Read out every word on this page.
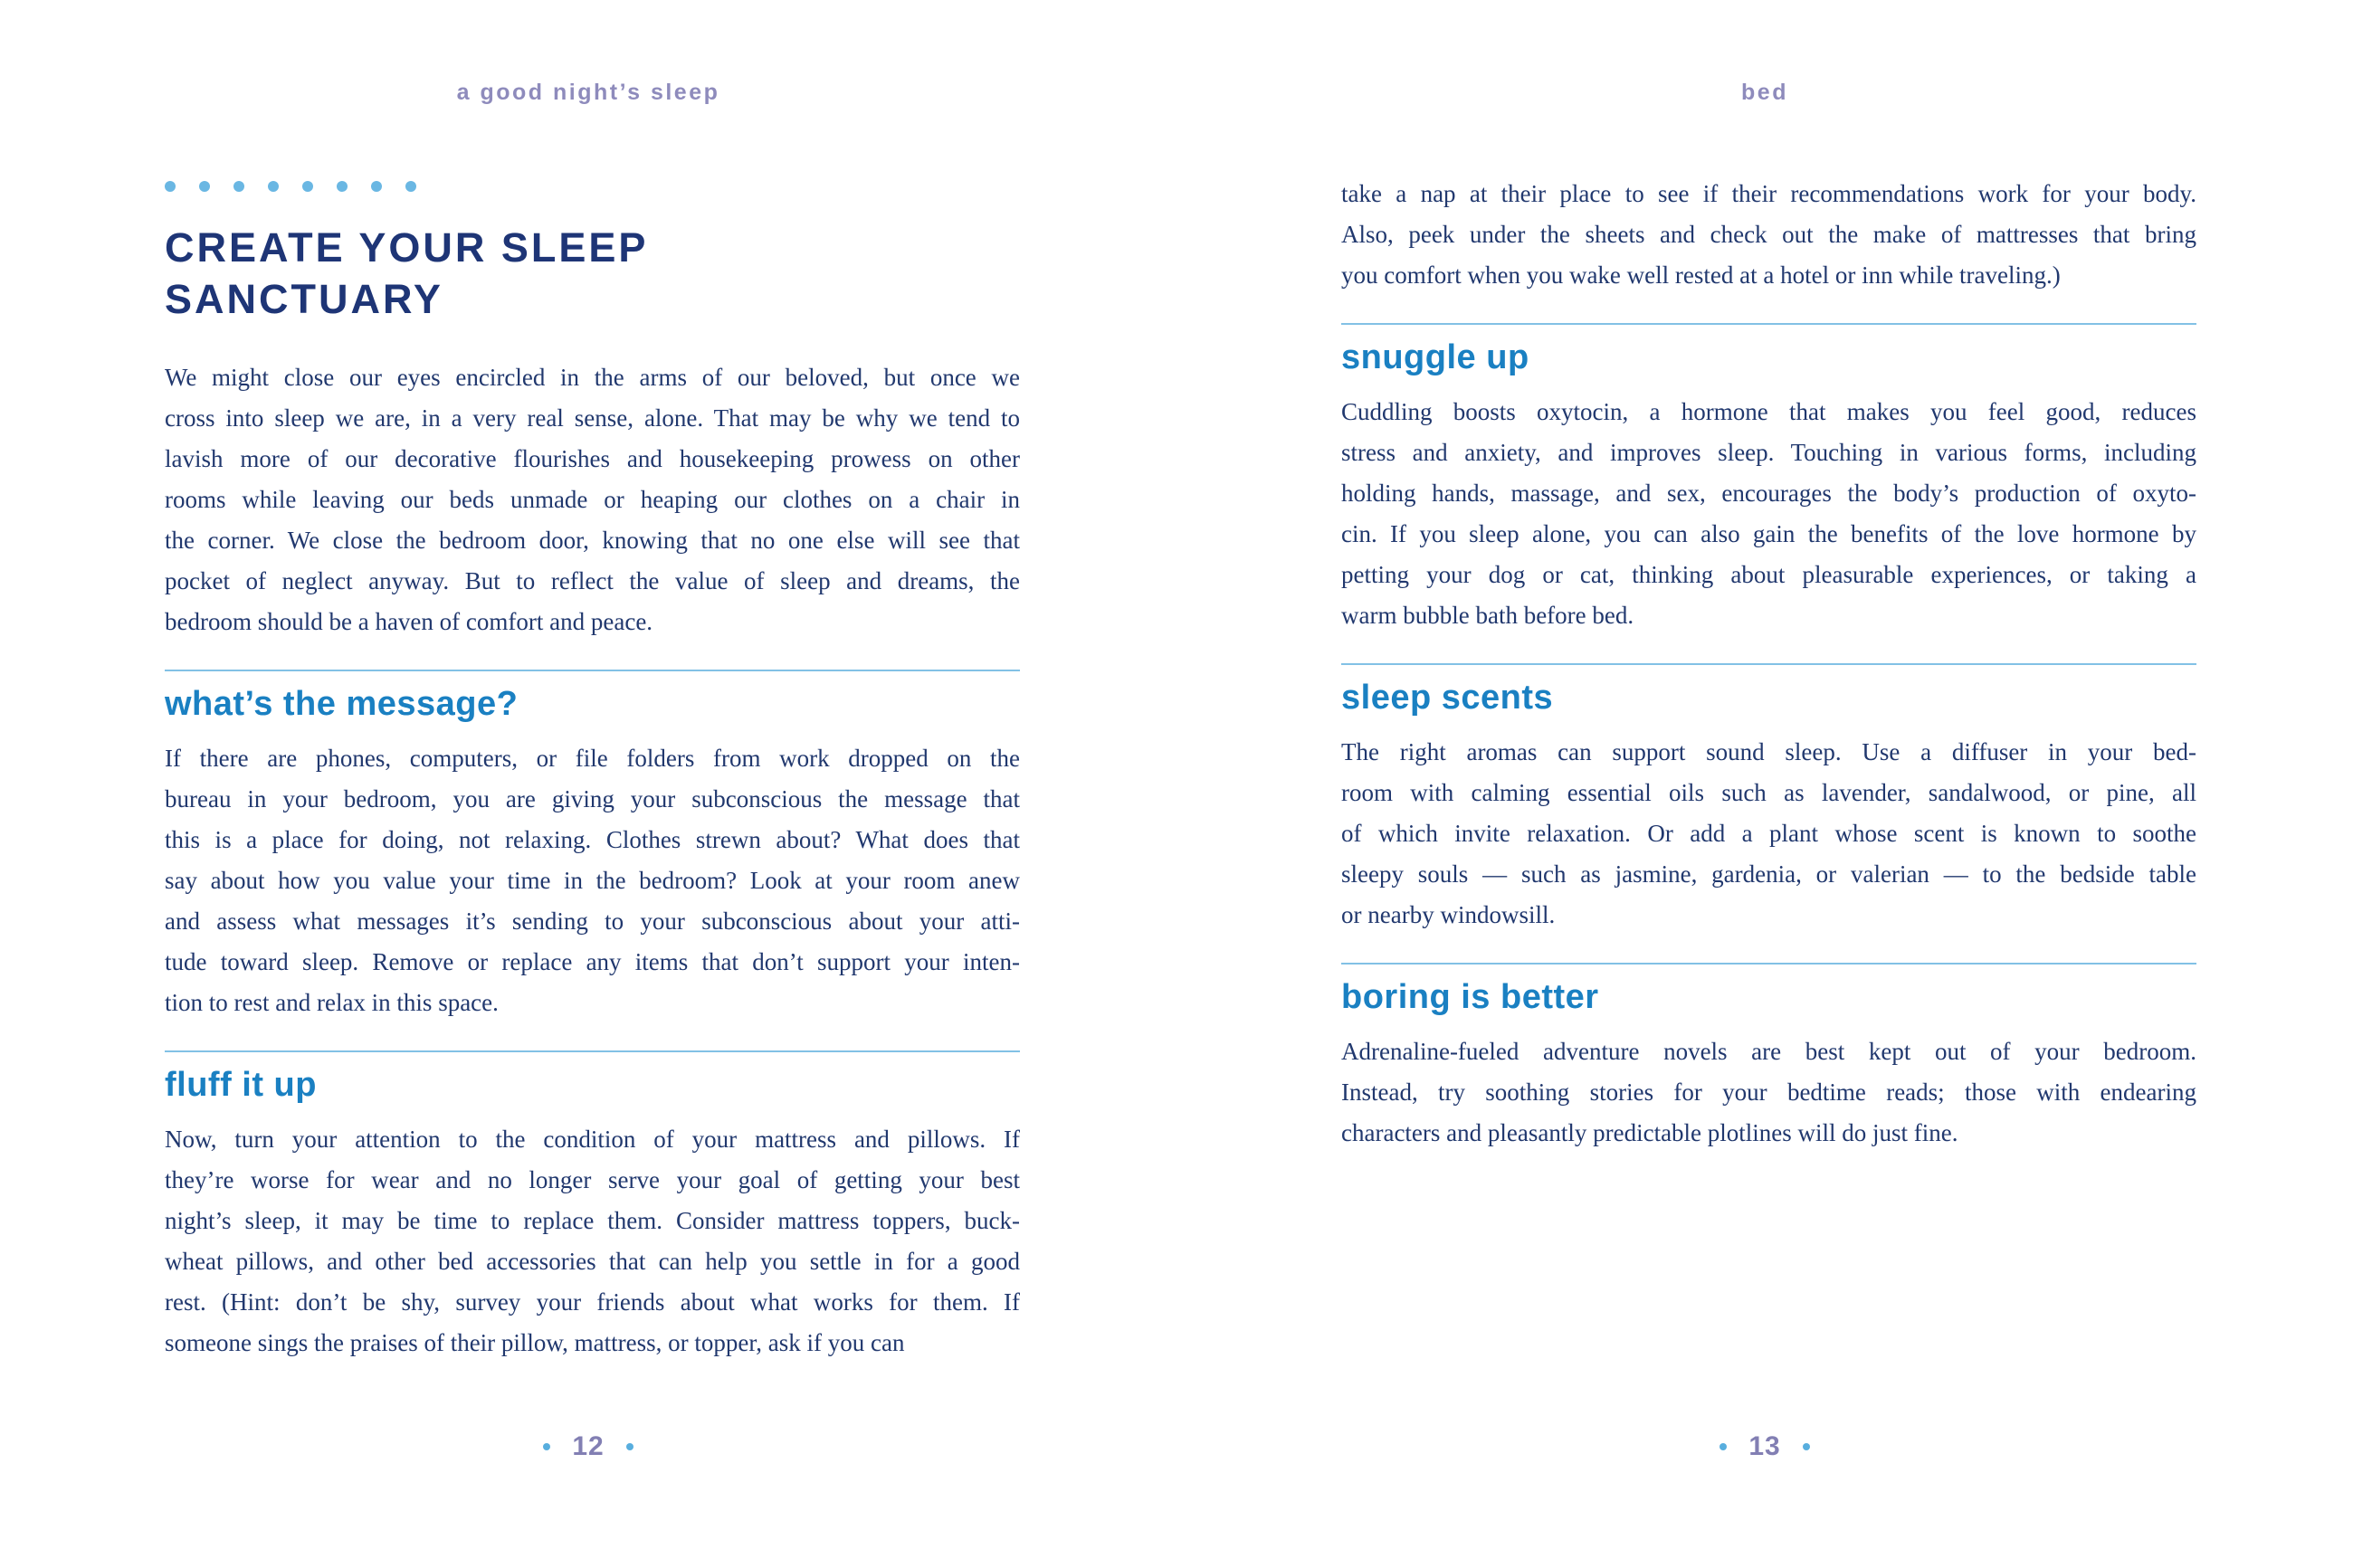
a good night’s sleep
CREATE YOUR SLEEP
SANCTUARY
We might close our eyes encircled in the arms of our beloved, but once we
cross into sleep we are, in a very real sense, alone. That may be why we tend to
lavish more of our decorative flourishes and housekeeping prowess on other
rooms while leaving our beds unmade or heaping our clothes on a chair in
the corner. We close the bedroom door, knowing that no one else will see that
pocket of neglect anyway. But to reflect the value of sleep and dreams, the
bedroom should be a haven of comfort and peace.
what’s the message?
If there are phones, computers, or file folders from work dropped on the
bureau in your bedroom, you are giving your subconscious the message that
this is a place for doing, not relaxing. Clothes strewn about? What does that
say about how you value your time in the bedroom? Look at your room anew
and assess what messages it’s sending to your subconscious about your atti-
tude toward sleep. Remove or replace any items that don’t support your inten-
tion to rest and relax in this space.
fluff it up
Now, turn your attention to the condition of your mattress and pillows. If
they’re worse for wear and no longer serve your goal of getting your best
night’s sleep, it may be time to replace them. Consider mattress toppers, buck-
wheat pillows, and other bed accessories that can help you settle in for a good
rest. (Hint: don’t be shy, survey your friends about what works for them. If
someone sings the praises of their pillow, mattress, or topper, ask if you can
12
bed
take a nap at their place to see if their recommendations work for your body.
Also, peek under the sheets and check out the make of mattresses that bring
you comfort when you wake well rested at a hotel or inn while traveling.)
snuggle up
Cuddling boosts oxytocin, a hormone that makes you feel good, reduces
stress and anxiety, and improves sleep. Touching in various forms, including
holding hands, massage, and sex, encourages the body’s production of oxyto-
cin. If you sleep alone, you can also gain the benefits of the love hormone by
petting your dog or cat, thinking about pleasurable experiences, or taking a
warm bubble bath before bed.
sleep scents
The right aromas can support sound sleep. Use a diffuser in your bed-
room with calming essential oils such as lavender, sandalwood, or pine, all
of which invite relaxation. Or add a plant whose scent is known to soothe
sleepy souls — such as jasmine, gardenia, or valerian — to the bedside table
or nearby windowsill.
boring is better
Adrenaline-fueled adventure novels are best kept out of your bedroom.
Instead, try soothing stories for your bedtime reads; those with endearing
characters and pleasantly predictable plotlines will do just fine.
13
